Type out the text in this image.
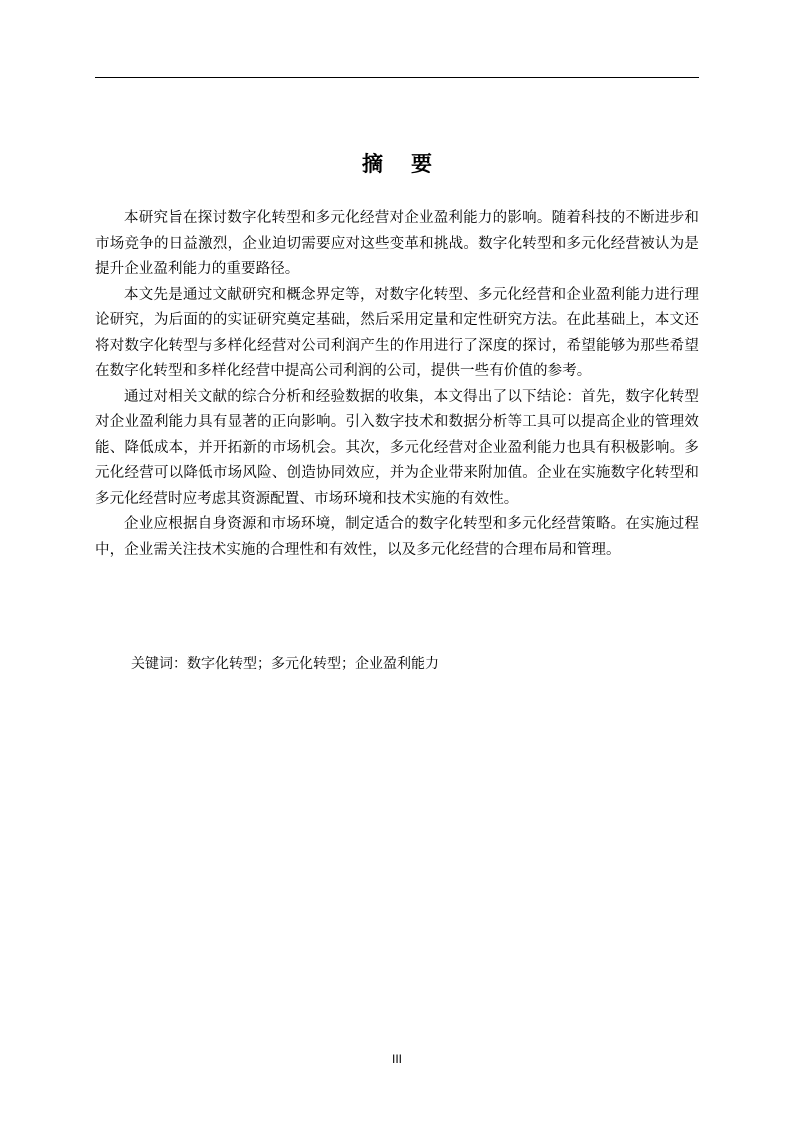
摘要

本研究旨在探讨数字化转型和多元化经营对企业盈利能力的影响。随着科技的不断进步和市场竞争的日益激烈，企业迫切需要应对这些变革和挑战。数字化转型和多元化经营被认为是提升企业盈利能力的重要路径。

本文先是通过文献研究和概念界定等，对数字化转型、多元化经营和企业盈利能力进行理论研究，为后面的的实证研究奠定基础，然后采用定量和定性研究方法。在此基础上，本文还将对数字化转型与多样化经营对公司利润产生的作用进行了深度的探讨，希望能够为那些希望在数字化转型和多样化经营中提高公司利润的公司，提供一些有价值的参考。

通过对相关文献的综合分析和经验数据的收集，本文得出了以下结论：首先，数字化转型对企业盈利能力具有显著的正向影响。引入数字技术和数据分析等工具可以提高企业的管理效能、降低成本，并开拓新的市场机会。其次，多元化经营对企业盈利能力也具有积极影响。多元化经营可以降低市场风险、创造协同效应，并为企业带来附加值。企业在实施数字化转型和多元化经营时应考虑其资源配置、市场环境和技术实施的有效性。

企业应根据自身资源和市场环境，制定适合的数字化转型和多元化经营策略。在实施过程中，企业需关注技术实施的合理性和有效性，以及多元化经营的合理布局和管理。

关键词：数字化转型；多元化转型；企业盈利能力
III
